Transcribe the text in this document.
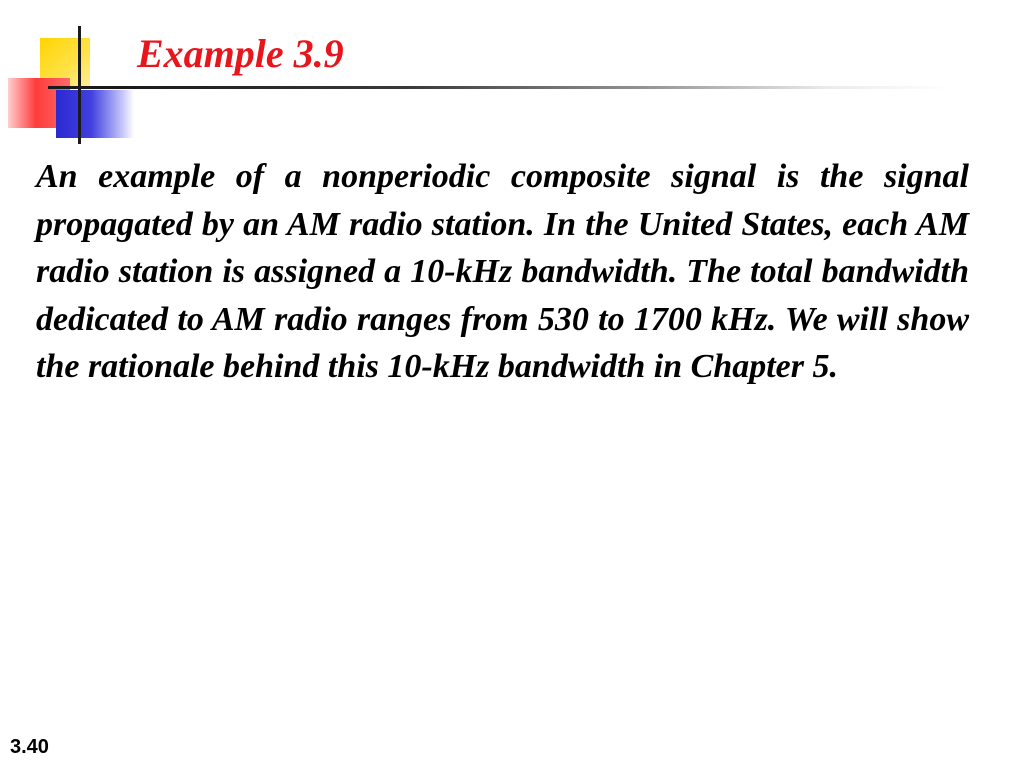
Example 3.9

An example of a nonperiodic composite signal is the signal propagated by an AM radio station. In the United States, each AM radio station is assigned a 10-kHz bandwidth. The total bandwidth dedicated to AM radio ranges from 530 to 1700 kHz. We will show the rationale behind this 10-kHz bandwidth in Chapter 5.

3.40
